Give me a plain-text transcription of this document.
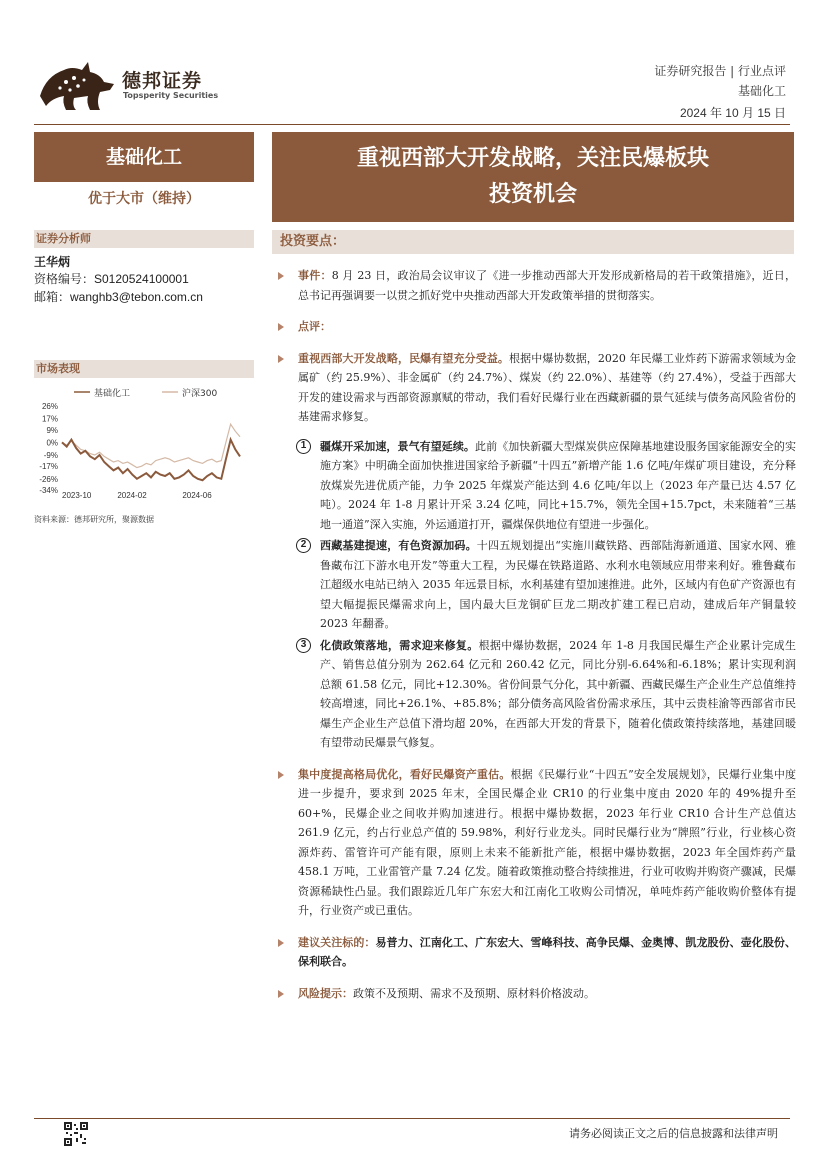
德邦证券
Topsperity Securities
证券研究报告 | 行业点评
基础化工
2024 年 10 月 15 日
基础化工
优于大市（维持）
证券分析师
王华炳
资格编号：S0120524100001
邮箱：wanghb3@tebon.com.cn
市场表现
基础化工	沪深300
26%
17%
9%
0%
-9%
-17%
-26%
-34%
2023-10	2024-02	2024-06
资料来源：德邦研究所，聚源数据
重视西部大开发战略，关注民爆板块
投资机会
投资要点：
事件：8 月 23 日，政治局会议审议了《进一步推动西部大开发形成新格局的若干政策措施》，近日，总书记再强调要一以贯之抓好党中央推动西部大开发政策举措的贯彻落实。
点评：
重视西部大开发战略，民爆有望充分受益。根据中爆协数据，2020 年民爆工业炸药下游需求领域为金属矿（约 25.9%）、非金属矿（约 24.7%）、煤炭（约 22.0%）、基建等（约 27.4%），受益于西部大开发的建设需求与西部资源禀赋的带动，我们看好民爆行业在西藏新疆的景气延续与债务高风险省份的基建需求修复。
1	疆煤开采加速，景气有望延续。此前《加快新疆大型煤炭供应保障基地建设服务国家能源安全的实施方案》中明确全面加快推进国家给予新疆“十四五”新增产能 1.6 亿吨/年煤矿项目建设，充分释放煤炭先进优质产能，力争 2025 年煤炭产能达到 4.6 亿吨/年以上（2023 年产量已达 4.57 亿吨）。2024 年 1-8 月累计开采 3.24 亿吨，同比+15.7%，领先全国+15.7pct，未来随着“三基地一通道”深入实施，外运通道打开，疆煤保供地位有望进一步强化。
2	西藏基建提速，有色资源加码。十四五规划提出“实施川藏铁路、西部陆海新通道、国家水网、雅鲁藏布江下游水电开发”等重大工程，为民爆在铁路道路、水利水电领域应用带来利好。雅鲁藏布江超级水电站已纳入 2035 年远景目标，水利基建有望加速推进。此外，区域内有色矿产资源也有望大幅提振民爆需求向上，国内最大巨龙铜矿巨龙二期改扩建工程已启动，建成后年产铜量较 2023 年翻番。
3	化债政策落地，需求迎来修复。根据中爆协数据，2024 年 1-8 月我国民爆生产企业累计完成生产、销售总值分别为 262.64 亿元和 260.42 亿元，同比分别-6.64%和-6.18%；累计实现利润总额 61.58 亿元，同比+12.30%。省份间景气分化，其中新疆、西藏民爆生产企业生产总值维持较高增速，同比+26.1%、+85.8%；部分债务高风险省份需求承压，其中云贵桂渝等西部省市民爆生产企业生产总值下滑均超 20%，在西部大开发的背景下，随着化债政策持续落地，基建回暖有望带动民爆景气修复。
集中度提高格局优化，看好民爆资产重估。根据《民爆行业“十四五”安全发展规划》，民爆行业集中度进一步提升，要求到 2025 年末，全国民爆企业 CR10 的行业集中度由 2020 年的 49%提升至 60+%，民爆企业之间收并购加速进行。根据中爆协数据，2023 年行业 CR10 合计生产总值达 261.9 亿元，约占行业总产值的 59.98%，利好行业龙头。同时民爆行业为“牌照”行业，行业核心资源炸药、雷管许可产能有限，原则上未来不能新批产能，根据中爆协数据，2023 年全国炸药产量 458.1 万吨，工业雷管产量 7.24 亿发。随着政策推动整合持续推进，行业可收购并购资产骤减，民爆资源稀缺性凸显。我们跟踪近几年广东宏大和江南化工收购公司情况，单吨炸药产能收购价整体有提升，行业资产或已重估。
建议关注标的：易普力、江南化工、广东宏大、雪峰科技、高争民爆、金奥博、凯龙股份、壶化股份、保利联合。
风险提示：政策不及预期、需求不及预期、原材料价格波动。
请务必阅读正文之后的信息披露和法律声明
